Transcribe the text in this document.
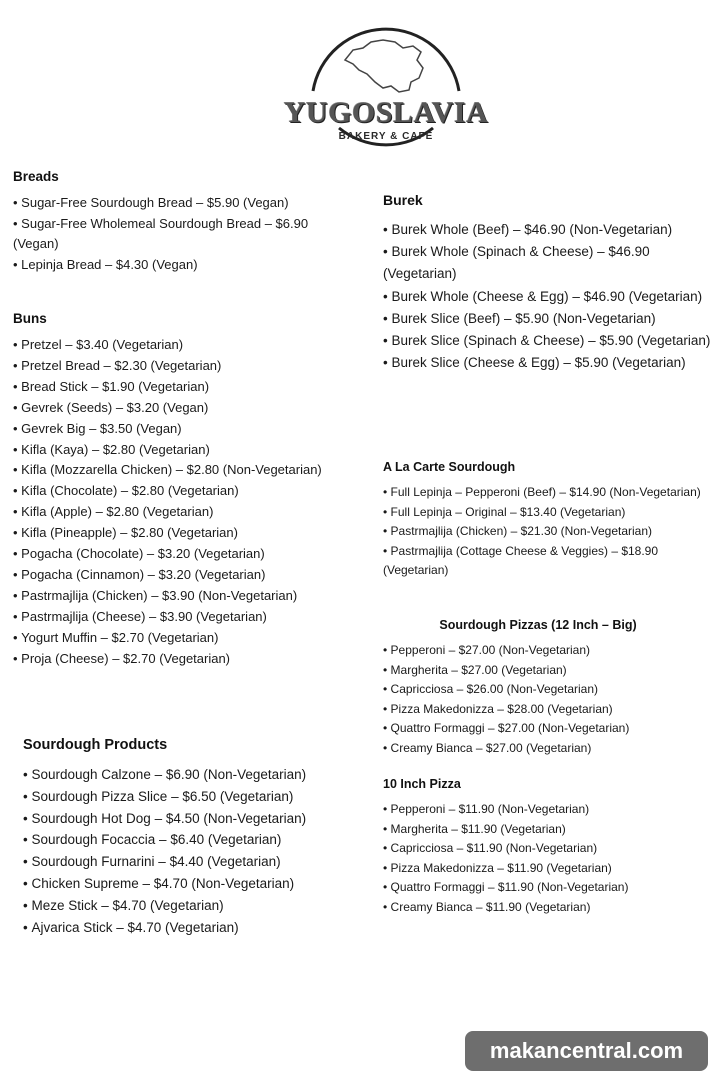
YUGOSLAVIA
BAKERY & CAFE
Breads
• Sugar-Free Sourdough Bread – $5.90 (Vegan)
• Sugar-Free Wholemeal Sourdough Bread – $6.90 (Vegan)
• Lepinja Bread – $4.30 (Vegan)
Buns
• Pretzel – $3.40 (Vegetarian)
• Pretzel Bread – $2.30 (Vegetarian)
• Bread Stick – $1.90 (Vegetarian)
• Gevrek (Seeds) – $3.20 (Vegan)
• Gevrek Big – $3.50 (Vegan)
• Kifla (Kaya) – $2.80 (Vegetarian)
• Kifla (Mozzarella Chicken) – $2.80 (Non-Vegetarian)
• Kifla (Chocolate) – $2.80 (Vegetarian)
• Kifla (Apple) – $2.80 (Vegetarian)
• Kifla (Pineapple) – $2.80 (Vegetarian)
• Pogacha (Chocolate) – $3.20 (Vegetarian)
• Pogacha (Cinnamon) – $3.20 (Vegetarian)
• Pastrmajlija (Chicken) – $3.90 (Non-Vegetarian)
• Pastrmajlija (Cheese) – $3.90 (Vegetarian)
• Yogurt Muffin – $2.70 (Vegetarian)
• Proja (Cheese) – $2.70 (Vegetarian)
Sourdough Products
• Sourdough Calzone – $6.90 (Non-Vegetarian)
• Sourdough Pizza Slice – $6.50 (Vegetarian)
• Sourdough Hot Dog – $4.50 (Non-Vegetarian)
• Sourdough Focaccia – $6.40 (Vegetarian)
• Sourdough Furnarini – $4.40 (Vegetarian)
• Chicken Supreme – $4.70 (Non-Vegetarian)
• Meze Stick – $4.70 (Vegetarian)
• Ajvarica Stick – $4.70 (Vegetarian)
Burek
• Burek Whole (Beef) – $46.90 (Non-Vegetarian)
• Burek Whole (Spinach & Cheese) – $46.90 (Vegetarian)
• Burek Whole (Cheese & Egg) – $46.90 (Vegetarian)
• Burek Slice (Beef) – $5.90 (Non-Vegetarian)
• Burek Slice (Spinach & Cheese) – $5.90 (Vegetarian)
• Burek Slice (Cheese & Egg) – $5.90 (Vegetarian)
A La Carte Sourdough
• Full Lepinja – Pepperoni (Beef) – $14.90 (Non-Vegetarian)
• Full Lepinja – Original – $13.40 (Vegetarian)
• Pastrmajlija (Chicken) – $21.30 (Non-Vegetarian)
• Pastrmajlija (Cottage Cheese & Veggies) – $18.90 (Vegetarian)
Sourdough Pizzas (12 Inch – Big)
• Pepperoni – $27.00 (Non-Vegetarian)
• Margherita – $27.00 (Vegetarian)
• Capricciosa – $26.00 (Non-Vegetarian)
• Pizza Makedonizza – $28.00 (Vegetarian)
• Quattro Formaggi – $27.00 (Non-Vegetarian)
• Creamy Bianca – $27.00 (Vegetarian)
10 Inch Pizza
• Pepperoni – $11.90 (Non-Vegetarian)
• Margherita – $11.90 (Vegetarian)
• Capricciosa – $11.90 (Non-Vegetarian)
• Pizza Makedonizza – $11.90 (Vegetarian)
• Quattro Formaggi – $11.90 (Non-Vegetarian)
• Creamy Bianca – $11.90 (Vegetarian)
makancentral.com
